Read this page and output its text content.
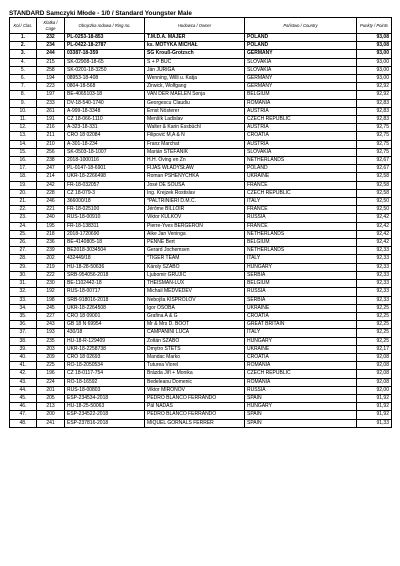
STANDARD Samczyki Młode - 1/0 / Standard Youngster Male
Kol./ Clas.	Klatka / Cage	Obrączka rodowa / Ring no.	Hodowca / Owner	Państwo / Country	Punkty / Points
1.	232	PL-0253-18-853	T.M.D.A. MAJER	POLAND	93,08
2.	234	PL-0422-18-2787	ks. MOTYKA MICHAŁ	POLAND	93,08
3.	244	03387-18-359	SG Krouß-Grotzsch	GERMANY	93,00
4.	215	SK-02908-18-65	Š + P BUC	SLOVAKIA	93,00
5.	258	SK-0201-18-3250	Ján JURIGA	SLOVAKIA	93,00
6.	194	08953-18-408	Wenning, Willi u. Katja	GERMANY	93,00
7.	223	0804-18-568	Zirwick, Wolfgang	GERMANY	92,92
8.	197	BE-4065103-18	VAN DER MAELEN Sonja	BELGIUM	92,92
9.	233	DV-18-540-1740	Georgescu Claudiu	ROMANIA	92,83
10.	261	A-999-18-3348	Ernst Nösterer	AUSTRIA	92,83
11.	191	CZ 18-066-1110	Menšík Ladislav	CZECH REPUBLIC	92,83
12.	216	A-323-18-331	Walter & Karin Essbüchl	AUSTRIA	92,75
13.	211	CRO 18 02084	Filipović M,A & N	CROATIA	92,75
14.	210	A-301-18-234	Franz Marchat	AUSTRIA	92,75
15.	256	SK-0503-18-1007	Marián ŠTEFÁNIK	SLOVAKIA	92,75
16.	238	2018-1000116	H.H. Oving en Zn	NETHERLANDS	92,67
17.	247	PL-0147-18-6901	FIJAS WŁADYSŁAW	POLAND	92,67
18.	214	UKR-18-2266498	Roman PSHENYCHKA	UKRAINE	92,58
19.	242	FR-18-032057	José DE SOUSA	FRANCE	92,58
20.	228	CZ 18-079-3	Ing. Krejzek Rostislav	CZECH REPUBLIC	92,58
21.	246	366000/18	*PALTRINIERI D.M.C.	ITALY	92,50
22.	221	FR-18-025100	Jérôme BILLOIR	FRANCE	92,50
23.	240	RUS-18-00910	Viktor KULKOV	RUSSIA	92,42
24.	195	FR-18-138311	Pierre-Yves BERGERON	FRANCE	92,42
25.	218	2018-1720690	Aike Jan Veninga	NETHERLANDS	92,42
26.	236	BE-4140805-18	PENNE Bert	BELGIUM	92,42
27.	239	BE2018-3034504	Gerard Jochemsen	NETHERLANDS	92,33
28.	202	432449/18	*TIGER TEAM	ITALY	92,33
29.	219	HU-18-28-50636	Károly SZABÓ	HUNGARY	92,33
30.	222	SRB-954056-2018	Ljubomir GRUJIĆ	SERBIA	92,33
31.	230	BE-1102442-18	THEISMAN-LUX	BELGIUM	92,33
32.	192	RUS-18-00717	Michail MEDVEDEV	RUSSIA	92,33
33.	198	SRB-918016-2018	Nebojša KIŠPROLOV	SERBIA	92,33
34.	245	UKR-18-2264508	Igor OSOBA	UKRAINE	92,25
35.	227	CRO 18 09001	Grafina A & G	CROATIA	92,25
36.	243	GB 18 N 69954	Mr & Mrs D. BOOT	GREAT BRITAIN	92,25
37.	193	430/18	CAMPANINI LUCA	ITALY	92,25
38.	235	HU-18-R-129409	Zoltán SZABÓ	HUNGARY	92,25
39.	203	UKR-18-2258738	Dmytro STETS	UKRAINE	92,17
40.	209	CRO 18 02693	Mandac Marko	CROATIA	92,08
41.	225	RO-18-2050534	Tuturea Viorel	ROMANIA	92,08
42.	196	CZ 18-0117-754	Brázda Jiří + Monika	CZECH REPUBLIC	92,08
43.	224	RO-18-16592	Bedeleanu Domenic	ROMANIA	92,08
44.	201	RUS-18-00803	Viktor MIRONOV	RUSSIA	92,00
45.	205	ESP-234534-2018	PEDRO BLANCO FERRANDO	SPAIN	91,92
46.	213	HU-18-25-50063	Pál NÁDAS	HUNGARY	91,92
47.	200	ESP-234522-2018	PEDRO BLANCO FERRANDO	SPAIN	91,92
48.	241	ESP-237816-2018	MIQUEL GORNALS FERRER	SPAIN	91,33
